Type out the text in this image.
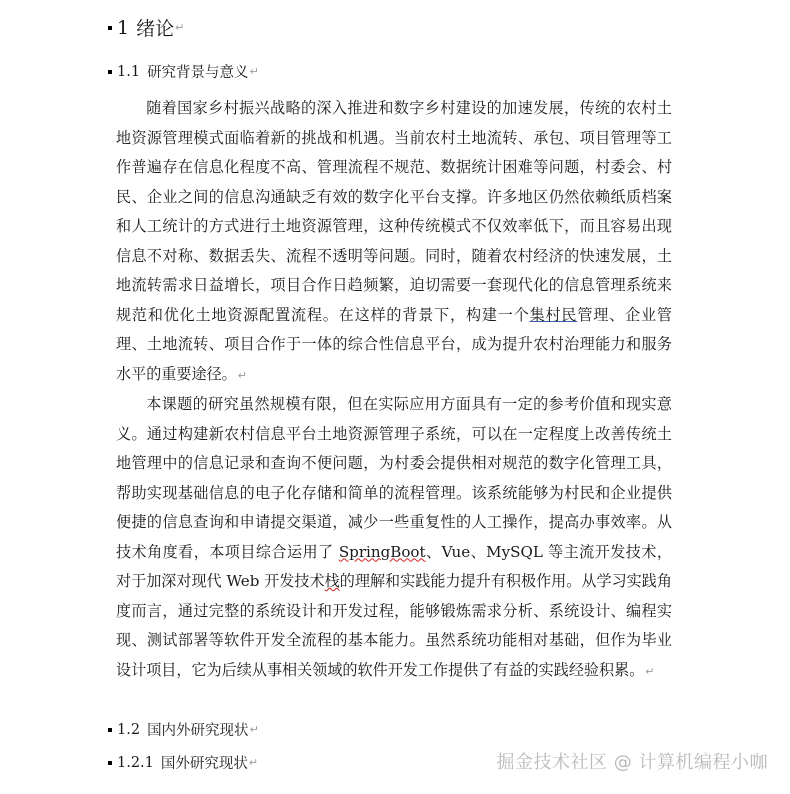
1 绪论 ↵
1.1 研究背景与意义 ↵

随着国家乡村振兴战略的深入推进和数字乡村建设的加速发展，传统的农村土地资源管理模式面临着新的挑战和机遇。当前农村土地流转、承包、项目管理等工作普遍存在信息化程度不高、管理流程不规范、数据统计困难等问题，村委会、村民、企业之间的信息沟通缺乏有效的数字化平台支撑。许多地区仍然依赖纸质档案和人工统计的方式进行土地资源管理，这种传统模式不仅效率低下，而且容易出现信息不对称、数据丢失、流程不透明等问题。同时，随着农村经济的快速发展，土地流转需求日益增长，项目合作日趋频繁，迫切需要一套现代化的信息管理系统来规范和优化土地资源配置流程。在这样的背景下，构建一个集村民管理、企业管理、土地流转、项目合作于一体的综合性信息平台，成为提升农村治理能力和服务水平的重要途径。↵

本课题的研究虽然规模有限，但在实际应用方面具有一定的参考价值和现实意义。通过构建新农村信息平台土地资源管理子系统，可以在一定程度上改善传统土地管理中的信息记录和查询不便问题，为村委会提供相对规范的数字化管理工具，帮助实现基础信息的电子化存储和简单的流程管理。该系统能够为村民和企业提供便捷的信息查询和申请提交渠道，减少一些重复性的人工操作，提高办事效率。从技术角度看，本项目综合运用了 SpringBoot、Vue、MySQL 等主流开发技术，对于加深对现代 Web 开发技术栈的理解和实践能力提升有积极作用。从学习实践角度而言，通过完整的系统设计和开发过程，能够锻炼需求分析、系统设计、编程实现、测试部署等软件开发全流程的基本能力。虽然系统功能相对基础，但作为毕业设计项目，它为后续从事相关领域的软件开发工作提供了有益的实践经验积累。↵

1.2 国内外研究现状 ↵
1.2.1 国外研究现状 ↵	掘金技术社区 @ 计算机编程小咖
